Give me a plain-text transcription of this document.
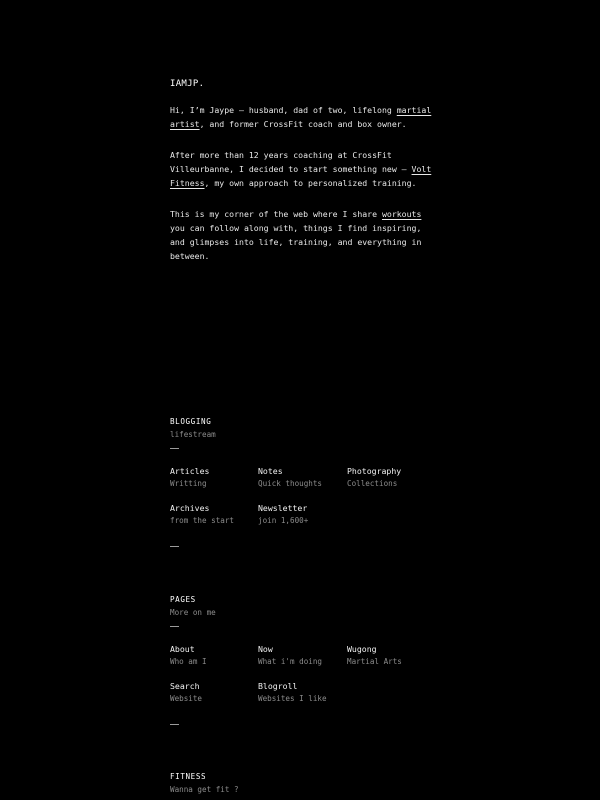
IAMJP.

Hi, I’m Jaype — husband, dad of two, lifelong martial artist, and former CrossFit coach and box owner.

After more than 12 years coaching at CrossFit Villeurbanne, I decided to start something new — Volt Fitness, my own approach to personalized training.

This is my corner of the web where I share workouts you can follow along with, things I find inspiring, and glimpses into life, training, and everything in between.

BLOGGING
lifestream
Articles
Writting
Notes
Quick thoughts
Photography
Collections
Archives
from the start
Newsletter
join 1,600+
PAGES
More on me
About
Who am I
Now
What i'm doing
Wugong
Martial Arts
Search
Website
Blogroll
Websites I like
FITNESS
Wanna get fit ?
